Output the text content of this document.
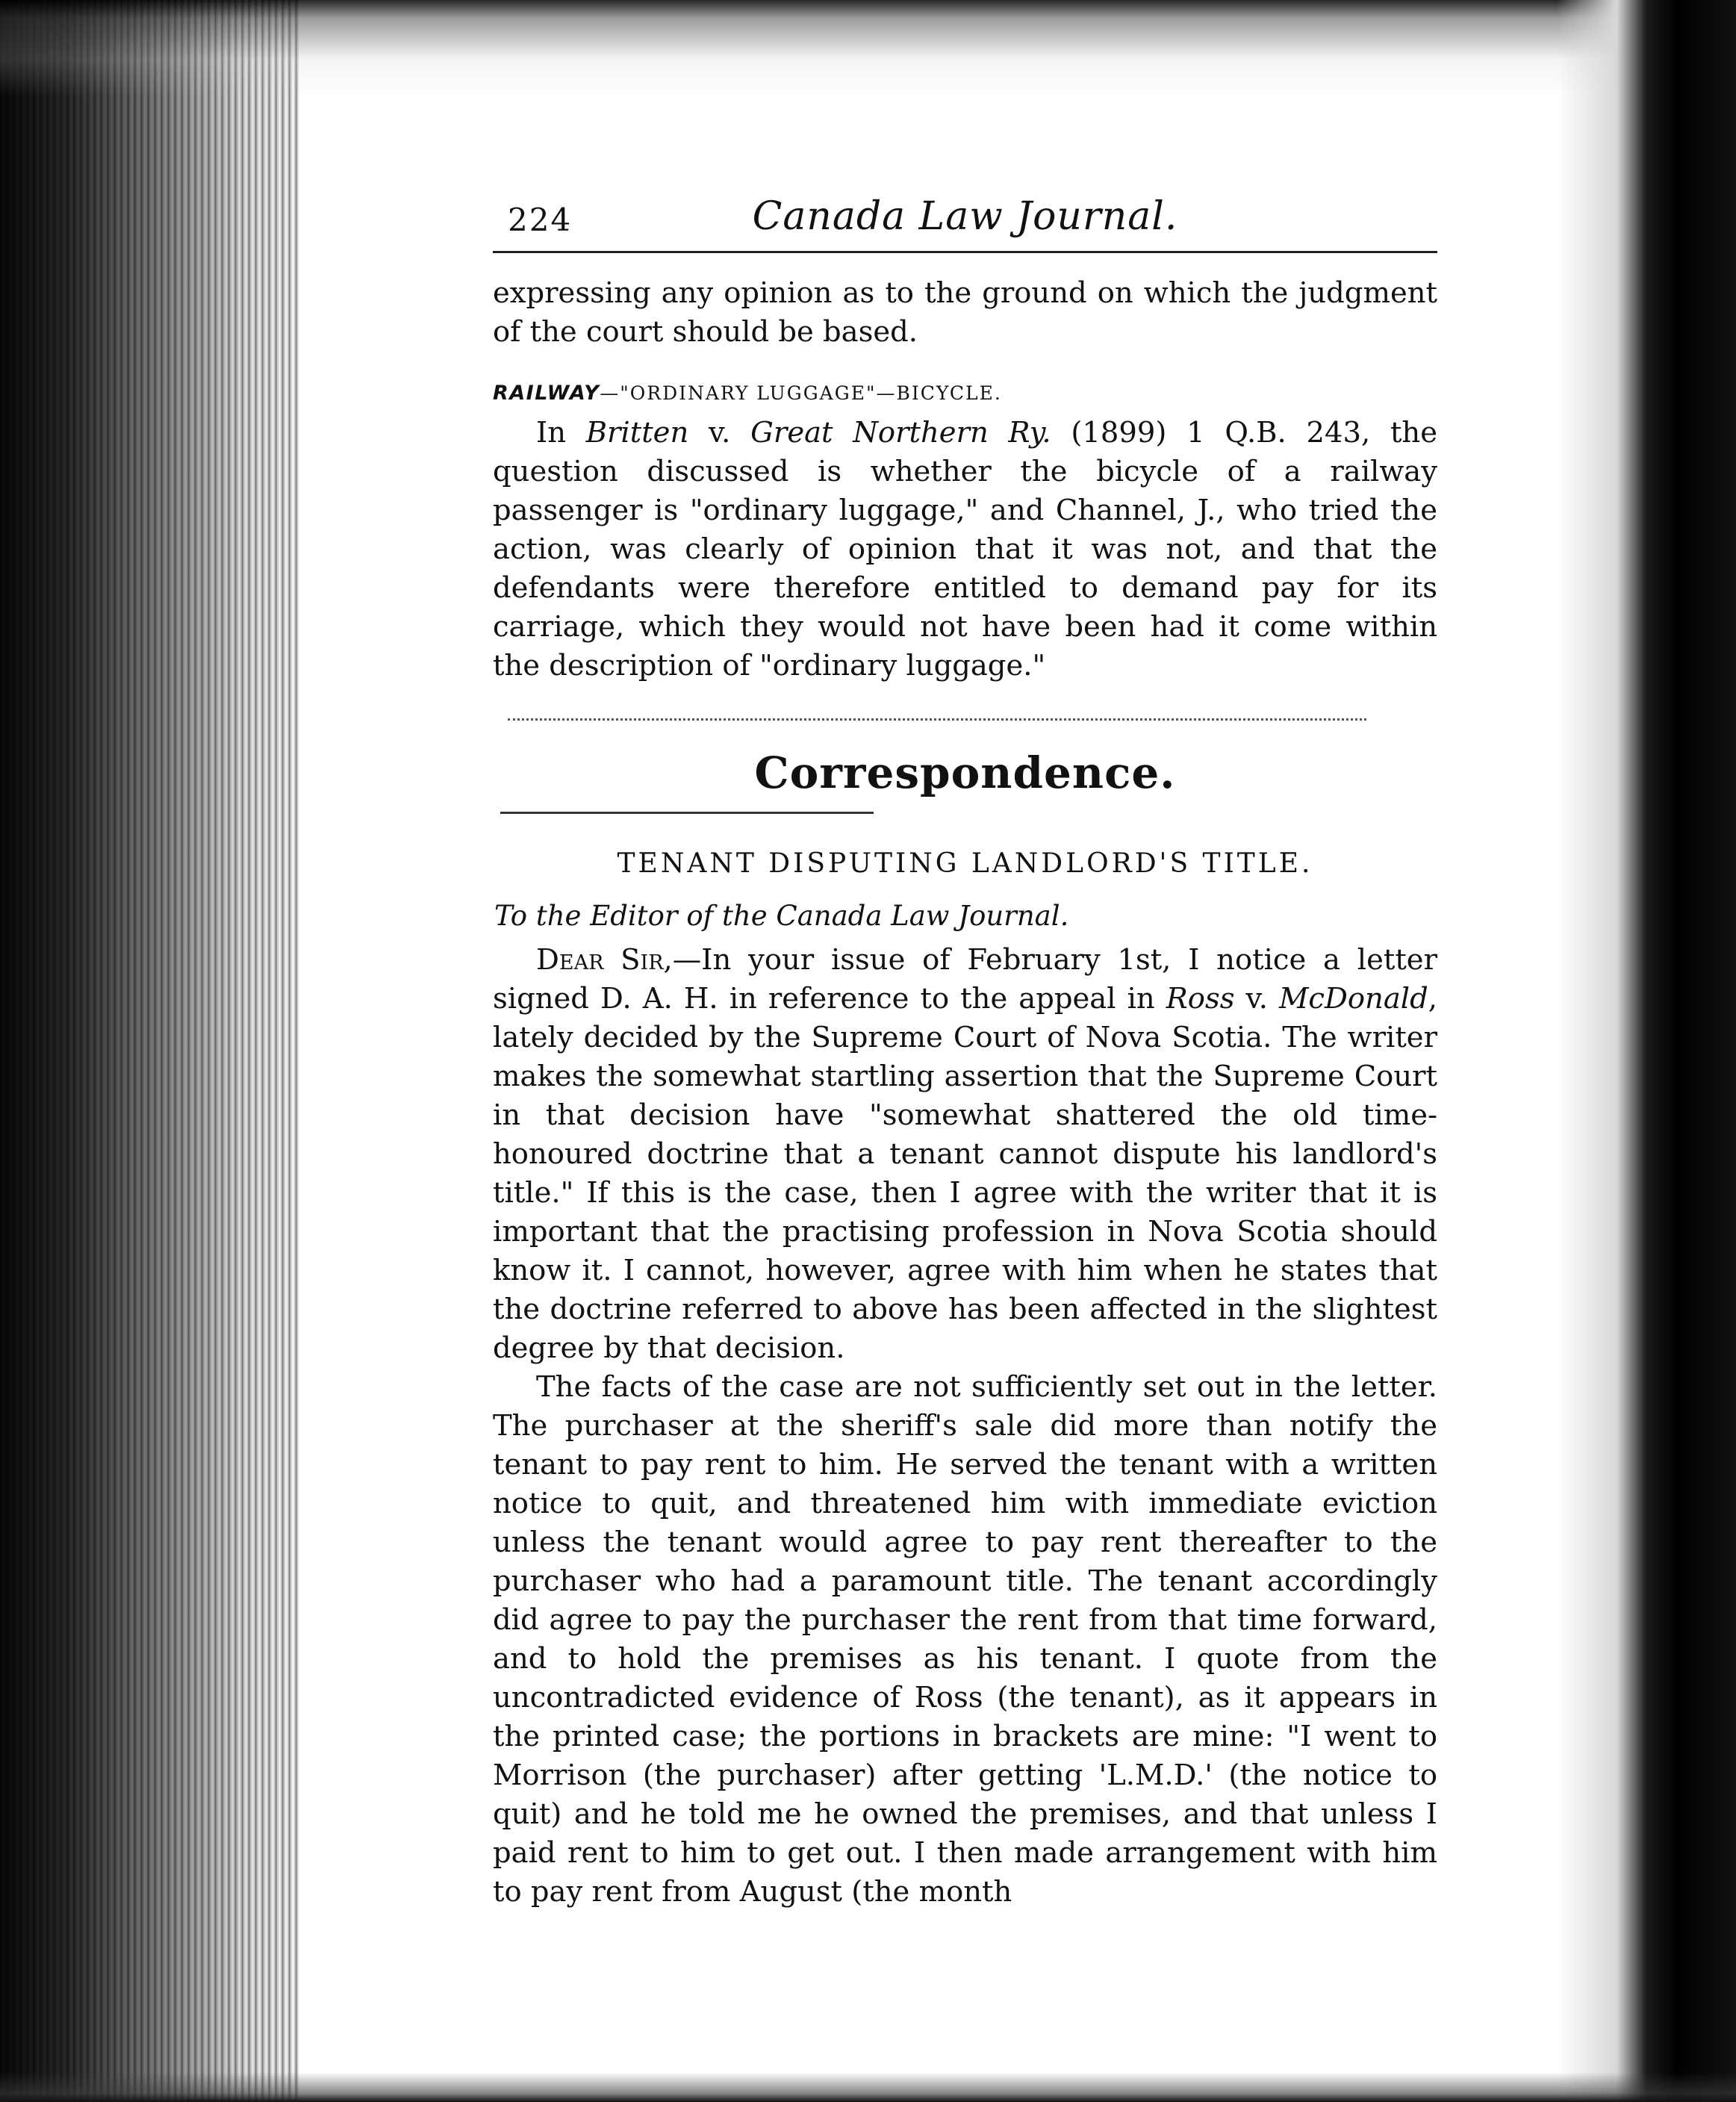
224	Canada Law Journal.

expressing any opinion as to the ground on which the judgment of the court should be based.

RAILWAY—"ORDINARY LUGGAGE"—BICYCLE.

In Britten v. Great Northern Ry. (1899) 1 Q.B. 243, the question discussed is whether the bicycle of a railway passenger is "ordinary luggage," and Channel, J., who tried the action, was clearly of opinion that it was not, and that the defendants were therefore entitled to demand pay for its carriage, which they would not have been had it come within the description of "ordinary luggage."

Correspondence.
TENANT DISPUTING LANDLORD'S TITLE.
To the Editor of the Canada Law Journal.

Dear Sir,—In your issue of February 1st, I notice a letter signed D. A. H. in reference to the appeal in Ross v. McDonald, lately decided by the Supreme Court of Nova Scotia. The writer makes the somewhat startling assertion that the Supreme Court in that decision have "somewhat shattered the old time-honoured doctrine that a tenant cannot dispute his landlord's title." If this is the case, then I agree with the writer that it is important that the practising profession in Nova Scotia should know it. I cannot, however, agree with him when he states that the doctrine referred to above has been affected in the slightest degree by that decision.

The facts of the case are not sufficiently set out in the letter. The purchaser at the sheriff's sale did more than notify the tenant to pay rent to him. He served the tenant with a written notice to quit, and threatened him with immediate eviction unless the tenant would agree to pay rent thereafter to the purchaser who had a paramount title. The tenant accordingly did agree to pay the purchaser the rent from that time forward, and to hold the premises as his tenant. I quote from the uncontradicted evidence of Ross (the tenant), as it appears in the printed case; the portions in brackets are mine: "I went to Morrison (the purchaser) after getting 'L.M.D.' (the notice to quit) and he told me he owned the premises, and that unless I paid rent to him to get out. I then made arrangement with him to pay rent from August (the month
